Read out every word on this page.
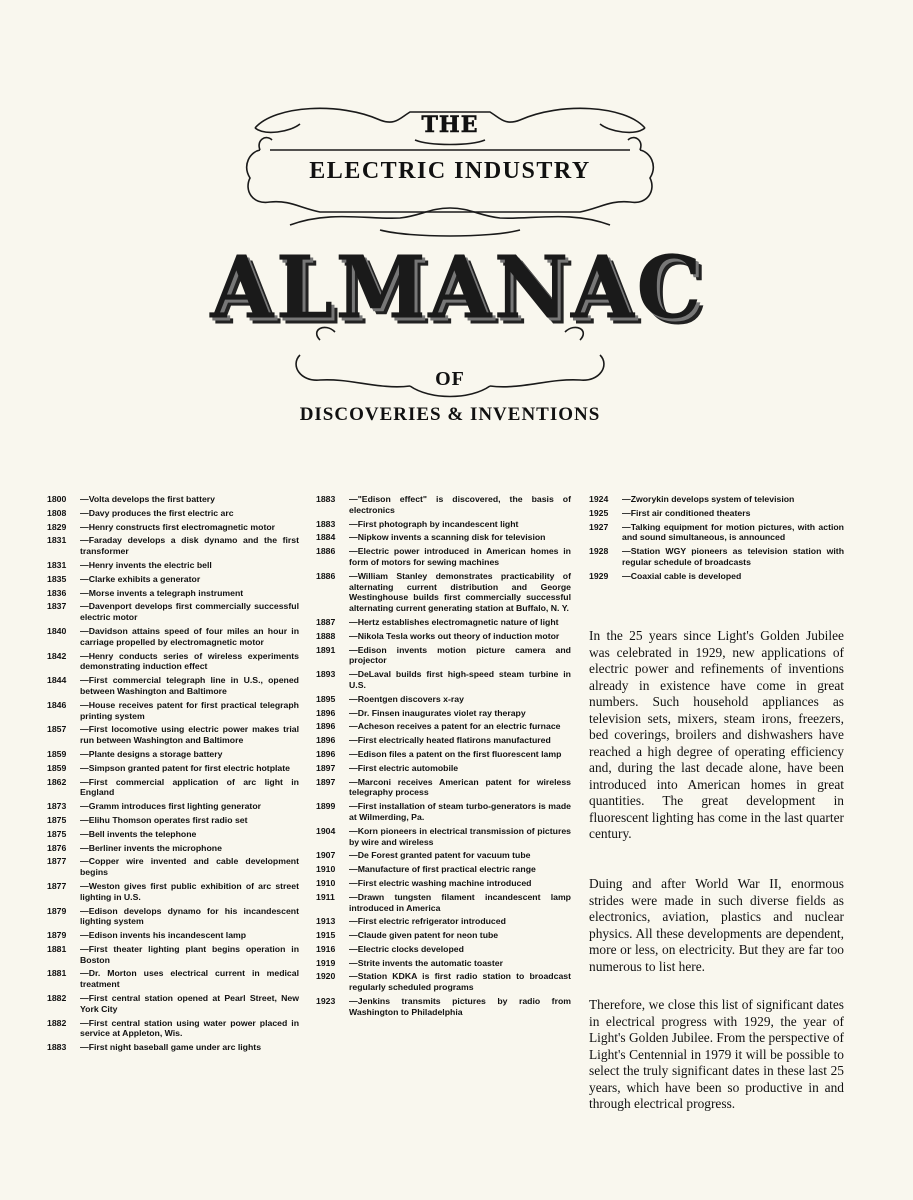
THE
ELECTRIC INDUSTRY
ALMANAC
OF
DISCOVERIES & INVENTIONS
1800 —Volta develops the first battery
1808 —Davy produces the first electric arc
1829 —Henry constructs first electromagnetic motor
1831 —Faraday develops a disk dynamo and the first transformer
1831 —Henry invents the electric bell
1835 —Clarke exhibits a generator
1836 —Morse invents a telegraph instrument
1837 —Davenport develops first commercially successful electric motor
1840 —Davidson attains speed of four miles an hour in carriage propelled by electromagnetic motor
1842 —Henry conducts series of wireless experiments demonstrating induction effect
1844 —First commercial telegraph line in U.S., opened between Washington and Baltimore
1846 —House receives patent for first practical telegraph printing system
1857 —First locomotive using electric power makes trial run between Washington and Baltimore
1859 —Plante designs a storage battery
1859 —Simpson granted patent for first electric hotplate
1862 —First commercial application of arc light in England
1873 —Gramm introduces first lighting generator
1875 —Elihu Thomson operates first radio set
1875 —Bell invents the telephone
1876 —Berliner invents the microphone
1877 —Copper wire invented and cable development begins
1877 —Weston gives first public exhibition of arc street lighting in U.S.
1879 —Edison develops dynamo for his incandescent lighting system
1879 —Edison invents his incandescent lamp
1881 —First theater lighting plant begins operation in Boston
1881 —Dr. Morton uses electrical current in medical treatment
1882 —First central station opened at Pearl Street, New York City
1882 —First central station using water power placed in service at Appleton, Wis.
1883 —First night baseball game under arc lights
1883 —"Edison effect" is discovered, the basis of electronics
1883 —First photograph by incandescent light
1884 —Nipkow invents a scanning disk for television
1886 —Electric power introduced in American homes in form of motors for sewing machines
1886 —William Stanley demonstrates practicability of alternating current distribution and George Westinghouse builds first commercially successful alternating current generating station at Buffalo, N. Y.
1887 —Hertz establishes electromagnetic nature of light
1888 —Nikola Tesla works out theory of induction motor
1891 —Edison invents motion picture camera and projector
1893 —DeLaval builds first high-speed steam turbine in U.S.
1895 —Roentgen discovers x-ray
1896 —Dr. Finsen inaugurates violet ray therapy
1896 —Acheson receives a patent for an electric furnace
1896 —First electrically heated flatirons manufactured
1896 —Edison files a patent on the first fluorescent lamp
1897 —First electric automobile
1897 —Marconi receives American patent for wireless telegraphy process
1899 —First installation of steam turbo-generators is made at Wilmerding, Pa.
1904 —Korn pioneers in electrical transmission of pictures by wire and wireless
1907 —De Forest granted patent for vacuum tube
1910 —Manufacture of first practical electric range
1910 —First electric washing machine introduced
1911 —Drawn tungsten filament incandescent lamp introduced in America
1913 —First electric refrigerator introduced
1915 —Claude given patent for neon tube
1916 —Electric clocks developed
1919 —Strite invents the automatic toaster
1920 —Station KDKA is first radio station to broadcast regularly scheduled programs
1923 —Jenkins transmits pictures by radio from Washington to Philadelphia
1924 —Zworykin develops system of television
1925 —First air conditioned theaters
1927 —Talking equipment for motion pictures, with action and sound simultaneous, is announced
1928 —Station WGY pioneers as television station with regular schedule of broadcasts
1929 —Coaxial cable is developed

In the 25 years since Light's Golden Jubilee was celebrated in 1929, new applications of electric power and refinements of inventions already in existence have come in great numbers. Such household appliances as television sets, mixers, steam irons, freezers, bed coverings, broilers and dishwashers have reached a high degree of operating efficiency and, during the last decade alone, have been introduced into American homes in great quantities. The great development in fluorescent lighting has come in the last quarter century.

Duing and after World War II, enormous strides were made in such diverse fields as electronics, aviation, plastics and nuclear physics. All these developments are dependent, more or less, on electricity. But they are far too numerous to list here.

Therefore, we close this list of significant dates in electrical progress with 1929, the year of Light's Golden Jubilee. From the perspective of Light's Centennial in 1979 it will be possible to select the truly significant dates in these last 25 years, which have been so productive in and through electrical progress.
